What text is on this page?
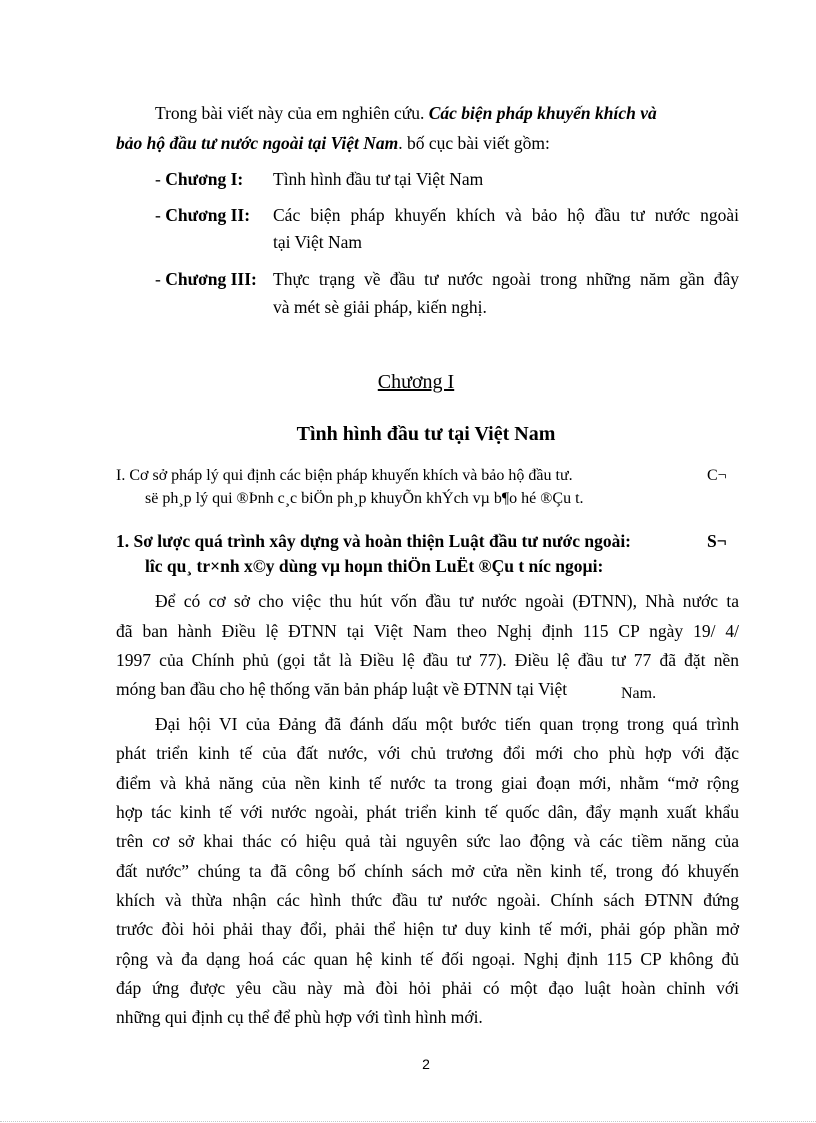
Trong bài viết này của em nghiên cứu. Các biện pháp khuyến khích và
bảo hộ đầu tư nước ngoài tại Việt Nam. bố cục bài viết gồm:
- Chương I: Tình hình đầu tư tại Việt Nam
- Chương II: Các biện pháp khuyến khích và bảo hộ đầu tư nước ngoài
tại Việt Nam
- Chương III: Thực trạng về đầu tư nước ngoài trong những năm gần đây
và mét sè giải pháp, kiến nghị.
Chương I
Tình hình đầu tư tại Việt Nam
I. Cơ sở pháp lý qui định các biện pháp khuyến khích và bảo hộ đầu tư.	C¬
së ph¸p lý qui ®Þnh c¸c biÖn ph¸p khuyÕn khÝch vµ b¶o hé ®Çu t.
1. Sơ lược quá trình xây dựng và hoàn thiện Luật đầu tư nước ngoài:	S¬
lîc qu¸ tr×nh x©y dùng vµ hoµn thiÖn LuËt ®Çu t níc ngoµi:
Để có cơ sở cho việc thu hút vốn đầu tư nước ngoài (ĐTNN), Nhà nước ta
đã ban hành Điều lệ ĐTNN tại Việt Nam theo Nghị định 115 CP ngày 19/ 4/
1997 của Chính phủ (gọi tắt là Điều lệ đầu tư 77). Điều lệ đầu tư 77 đã đặt nền
móng ban đầu cho hệ thống văn bản pháp luật về ĐTNN tại Việt	Nam.
Đại hội VI của Đảng đã đánh dấu một bước tiến quan trọng trong quá trình
phát triển kinh tế của đất nước, với chủ trương đổi mới cho phù hợp với đặc
điểm và khả năng của nền kinh tế nước ta trong giai đoạn mới, nhằm “mở rộng
hợp tác kinh tế với nước ngoài, phát triển kinh tế quốc dân, đẩy mạnh xuất khẩu
trên cơ sở khai thác có hiệu quả tài nguyên sức lao động và các tiềm năng của
đất nước” chúng ta đã công bố chính sách mở cửa nền kinh tế, trong đó khuyến
khích và thừa nhận các hình thức đầu tư nước ngoài. Chính sách ĐTNN đứng
trước đòi hỏi phải thay đổi, phải thể hiện tư duy kinh tế mới, phải góp phần mở
rộng và đa dạng hoá các quan hệ kinh tế đối ngoại. Nghị định 115 CP không đủ
đáp ứng được yêu cầu này mà đòi hỏi phải có một đạo luật hoàn chỉnh với
những qui định cụ thể để phù hợp với tình hình mới.
2
